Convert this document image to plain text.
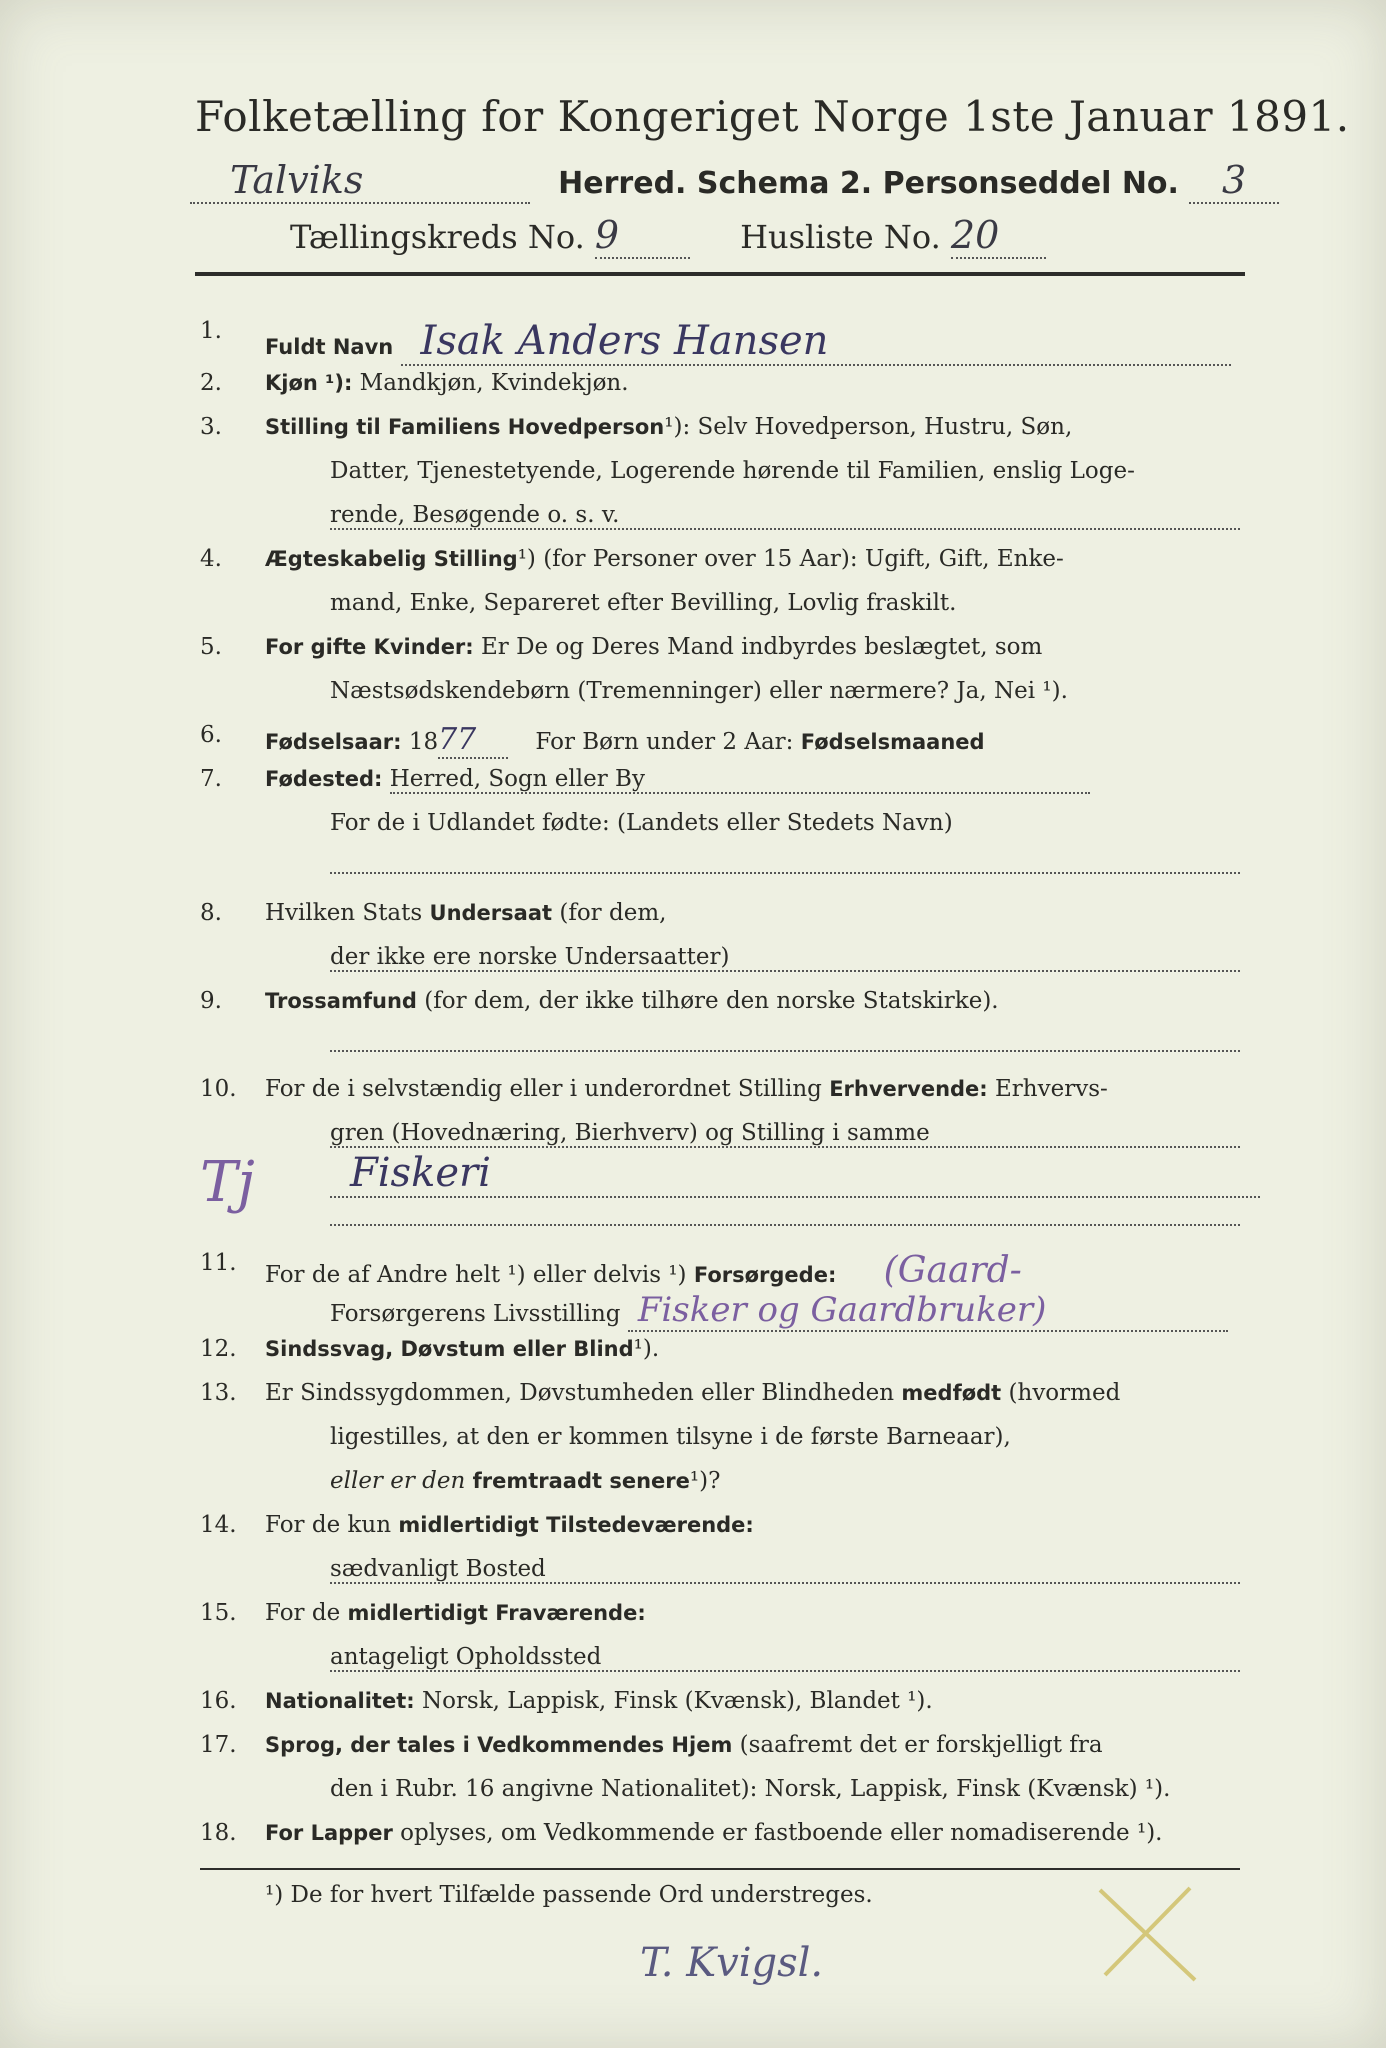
Folketælling for Kongeriget Norge 1ste Januar 1891.
Talviks	Herred. Schema 2. Personseddel No. 3
Tællingskreds No. 9	Husliste No. 20
1.
Fuldt Navn Isak Anders Hansen
2.	Kjøn ¹): Mandkjøn, Kvindekjøn.
3.	Stilling til Familiens Hovedperson¹): Selv Hovedperson, Hustru, Søn,
Datter, Tjenestetyende, Logerende hørende til Familien, enslig Loge-
rende, Besøgende o. s. v.
4.	Ægteskabelig Stilling¹) (for Personer over 15 Aar): Ugift, Gift, Enke-
mand, Enke, Separeret efter Bevilling, Lovlig fraskilt.
5.	For gifte Kvinder: Er De og Deres Mand indbyrdes beslægtet, som
Næstsødskendebørn (Tremenninger) eller nærmere? Ja, Nei ¹).
6.	Fødselsaar: 1877	For Børn under 2 Aar: Fødselsmaaned
7.	Fødested: Herred, Sogn eller By
For de i Udlandet fødte: (Landets eller Stedets Navn)
8.	Hvilken Stats Undersaat (for dem,
der ikke ere norske Undersaatter)
9.	Trossamfund (for dem, der ikke tilhøre den norske Statskirke).
10.	For de i selvstændig eller i underordnet Stilling Erhvervende: Erhvervs-
gren (Hovednæring, Bierhverv) og Stilling i samme
Tj	Fiskeri
11.	For de af Andre helt ¹) eller delvis ¹) Forsørgede: (Gaard-
Forsørgerens Livsstilling Fisker og Gaardbruker)
12.	Sindssvag, Døvstum eller Blind¹).
13.	Er Sindssygdommen, Døvstumheden eller Blindheden medfødt (hvormed
ligestilles, at den er kommen tilsyne i de første Barneaar),
eller er den fremtraadt senere¹)?
14.	For de kun midlertidigt Tilstedeværende:
sædvanligt Bosted
15.	For de midlertidigt Fraværende:
antageligt Opholdssted
16.	Nationalitet: Norsk, Lappisk, Finsk (Kvænsk), Blandet ¹).
17.	Sprog, der tales i Vedkommendes Hjem (saafremt det er forskjelligt fra
den i Rubr. 16 angivne Nationalitet): Norsk, Lappisk, Finsk (Kvænsk) ¹).
18.	For Lapper oplyses, om Vedkommende er fastboende eller nomadiserende ¹).
¹) De for hvert Tilfælde passende Ord understreges.
T. Kvigsl.
